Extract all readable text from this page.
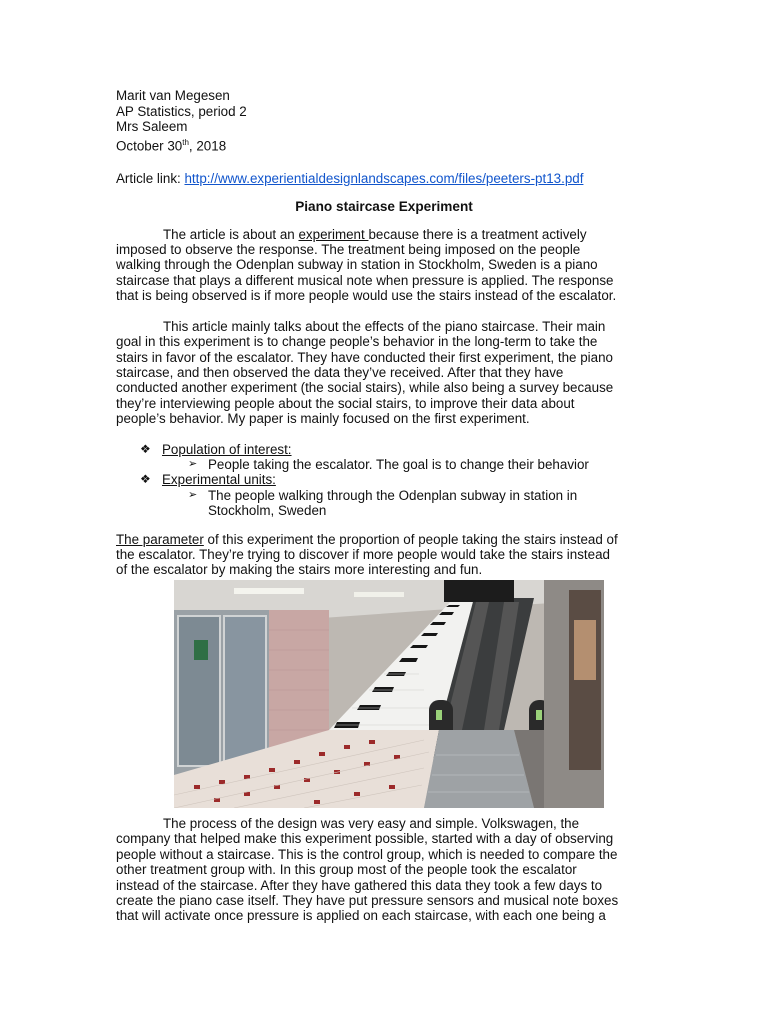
Marit van Megesen
AP Statistics, period 2
Mrs Saleem
October 30th, 2018
Article link: http://www.experientialdesignlandscapes.com/files/peeters-pt13.pdf
Piano staircase Experiment
The article is about an experiment because there is a treatment actively
imposed to observe the response. The treatment being imposed on the people
walking through the Odenplan subway in station in Stockholm, Sweden is a piano
staircase that plays a different musical note when pressure is applied. The response
that is being observed is if more people would use the stairs instead of the escalator.
This article mainly talks about the effects of the piano staircase. Their main
goal in this experiment is to change people’s behavior in the long-term to take the
stairs in favor of the escalator. They have conducted their first experiment, the piano
staircase, and then observed the data they’ve received. After that they have
conducted another experiment (the social stairs), while also being a survey because
they’re interviewing people about the social stairs, to improve their data about
people’s behavior. My paper is mainly focused on the first experiment.
❖ Population of interest:
➢ People taking the escalator. The goal is to change their behavior
❖ Experimental units:
➢ The people walking through the Odenplan subway in station in
Stockholm, Sweden
The parameter of this experiment the proportion of people taking the stairs instead of
the escalator. They’re trying to discover if more people would take the stairs instead
of the escalator by making the stairs more interesting and fun.
The process of the design was very easy and simple. Volkswagen, the
company that helped make this experiment possible, started with a day of observing
people without a staircase. This is the control group, which is needed to compare the
other treatment group with. In this group most of the people took the escalator
instead of the staircase. After they have gathered this data they took a few days to
create the piano case itself. They have put pressure sensors and musical note boxes
that will activate once pressure is applied on each staircase, with each one being a
